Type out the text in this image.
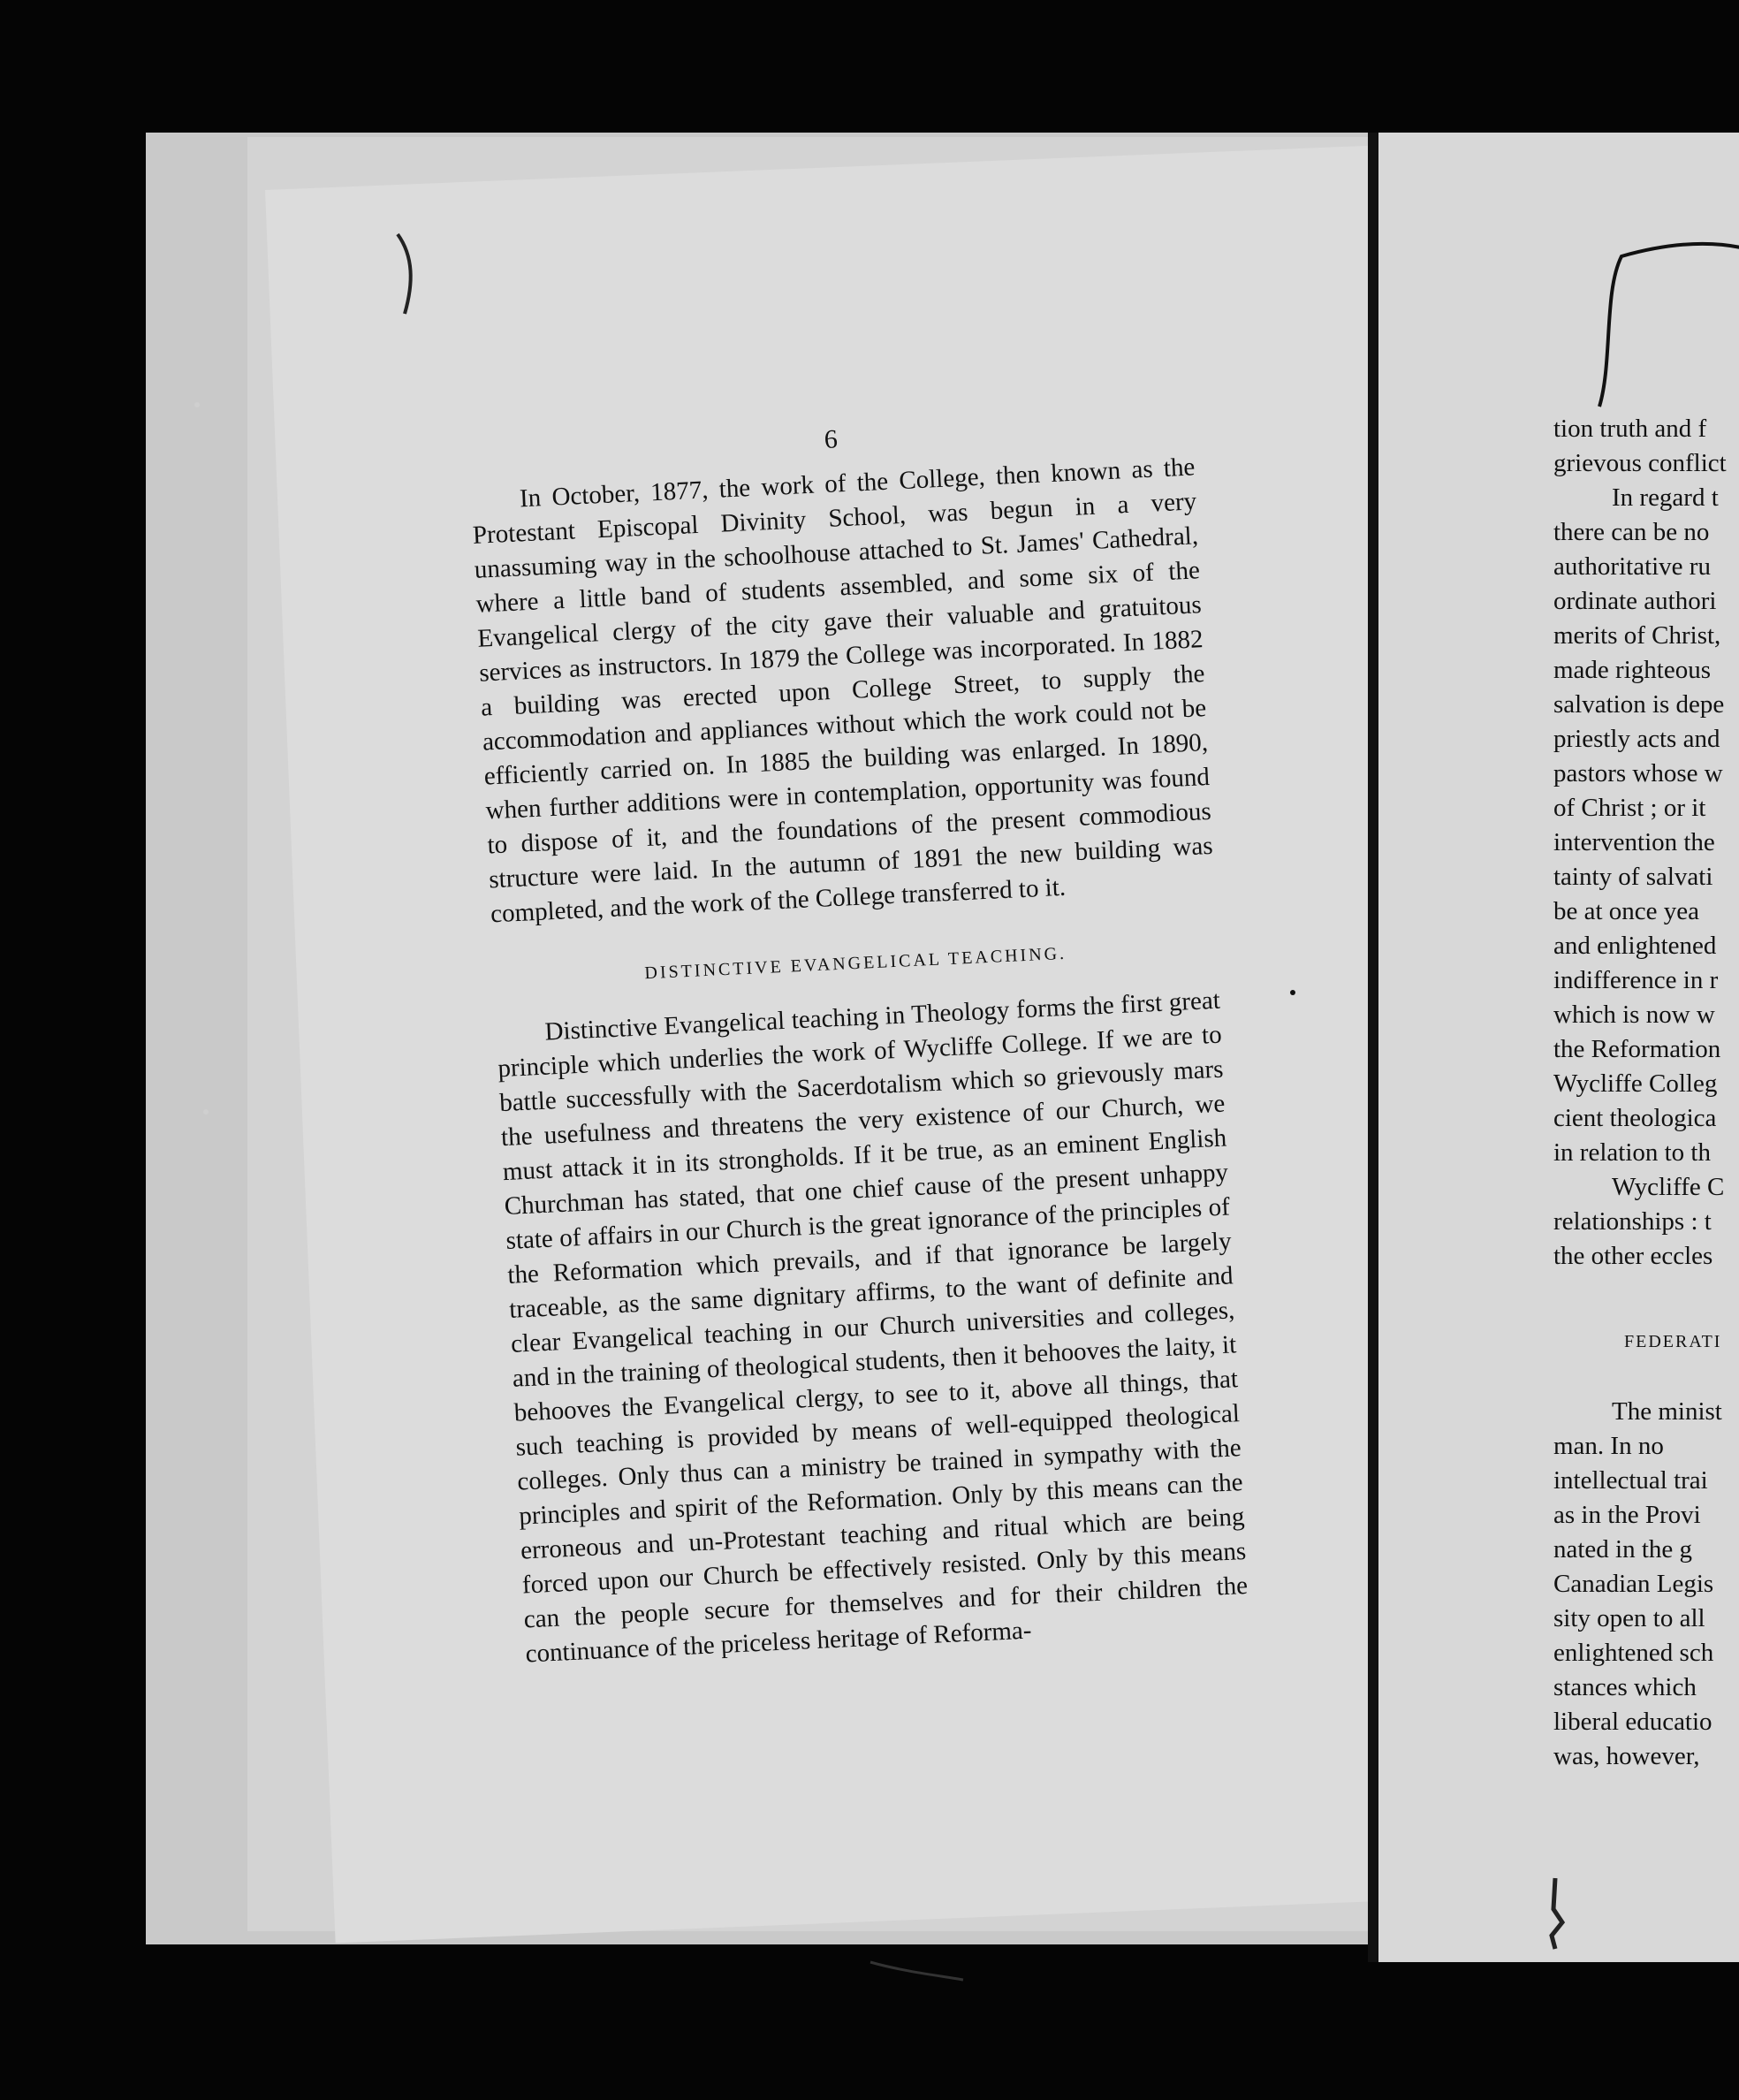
6

In October, 1877, the work of the College, then known as the Protestant Episcopal Divinity School, was begun in a very unassuming way in the schoolhouse attached to St. James' Cathedral, where a little band of students assembled, and some six of the Evangelical clergy of the city gave their valuable and gratuitous services as instructors. In 1879 the College was incorporated. In 1882 a building was erected upon College Street, to supply the accommodation and appliances without which the work could not be efficiently carried on. In 1885 the building was enlarged. In 1890, when further additions were in contemplation, opportunity was found to dispose of it, and the foundations of the present commodious structure were laid. In the autumn of 1891 the new building was completed, and the work of the College transferred to it.

DISTINCTIVE EVANGELICAL TEACHING.

Distinctive Evangelical teaching in Theology forms the first great principle which underlies the work of Wycliffe College. If we are to battle successfully with the Sacerdotalism which so grievously mars the usefulness and threatens the very existence of our Church, we must attack it in its strongholds. If it be true, as an eminent English Churchman has stated, that one chief cause of the present unhappy state of affairs in our Church is the great ignorance of the principles of the Reformation which prevails, and if that ignorance be largely traceable, as the same dignitary affirms, to the want of definite and clear Evangelical teaching in our Church universities and colleges, and in the training of theological students, then it behooves the laity, it behooves the Evangelical clergy, to see to it, above all things, that such teaching is provided by means of well-equipped theological colleges. Only thus can a ministry be trained in sympathy with the principles and spirit of the Reformation. Only by this means can the erroneous and un-Protestant teaching and ritual which are being forced upon our Church be effectively resisted. Only by this means can the people secure for themselves and for their children the continuance of the priceless heritage of Reforma-

tion truth and f
grievous conflict
In regard t
there can be no
authoritative ru
ordinate authori
merits of Christ,
made righteous
salvation is depe
priestly acts and
pastors whose w
of Christ ; or it
intervention the
tainty of salvati
be at once yea
and enlightened
indifference in r
which is now w
the Reformation
Wycliffe Colleg
cient theologica
in relation to th
Wycliffe C
relationships : t
the other eccles
FEDERATI
The minist
man. In no
intellectual trai
as in the Provi
nated in the g
Canadian Legis
sity open to all
enlightened sch
stances which
liberal educatio
was, however,
